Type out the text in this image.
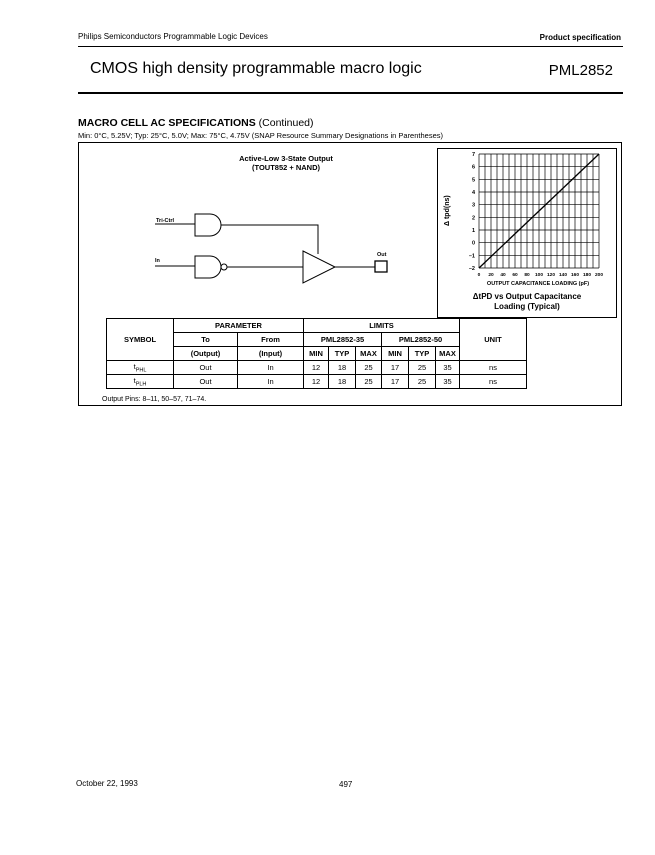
Philips Semiconductors Programmable Logic Devices	Product specification
CMOS high density programmable macro logic	PML2852
MACRO CELL AC SPECIFICATIONS (Continued)
Min: 0°C, 5.25V; Typ: 25°C, 5.0V; Max: 75°C, 4.75V (SNAP Resource Summary Designations in Parentheses)
Active-Low 3-State Output
(TOUT852 + NAND)
Tri-Ctrl
In
Out
Δ tpd(ns)
7
6
5
4
3
2
1
0
–1
–2
0 20 40 60 80 100 120 140 160 180 200
OUTPUT CAPACITANCE LOADING (pF)
ΔtPD vs Output Capacitance
Loading (Typical)
SYMBOL	PARAMETER		LIMITS						UNIT
	To	From	PML2852-35			PML2852-50			
	(Output)	(Input)	MIN	TYP	MAX	MIN	TYP	MAX	
$t_{PHL}$	Out	In	12	18	25	17	25	35	ns
$t_{PLH}$	Out	In	12	18	25	17	25	35	ns
Output Pins: 8–11, 50–57, 71–74.
October 22, 1993	497
